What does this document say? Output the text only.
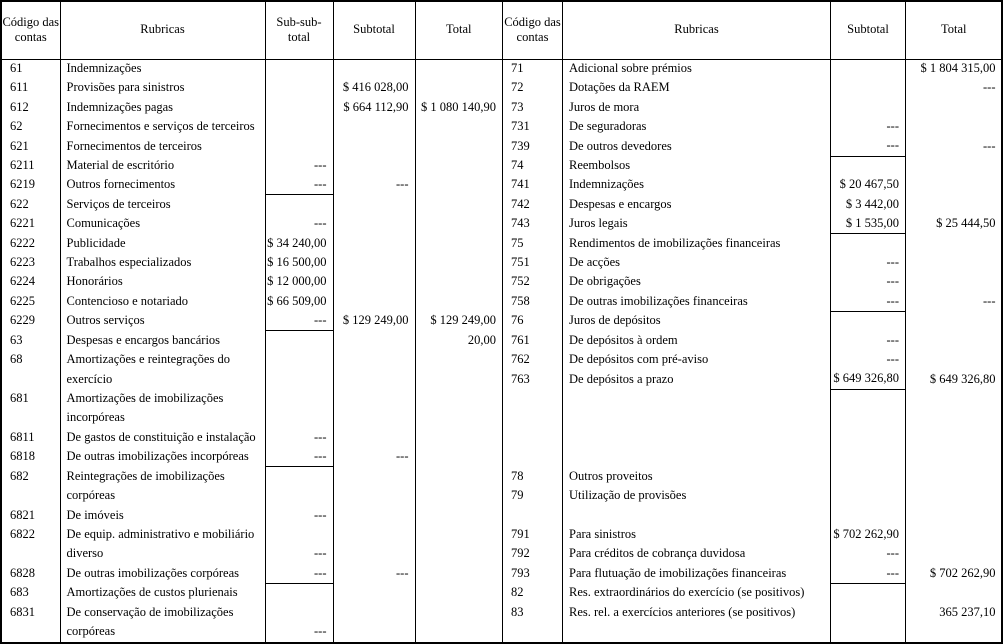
Código das contas	Rubricas	Sub-sub-total	Subtotal	Total
61	Indemnizações			
611	Provisões para sinistros		$ 416 028,00	
612	Indemnizações pagas		$ 664 112,90	$ 1 080 140,90
62	Fornecimentos e serviços de terceiros			
621	Fornecimentos de terceiros			
6211	Material de escritório	---		
6219	Outros fornecimentos	---	---	
622	Serviços de terceiros			
6221	Comunicações	---		
6222	Publicidade	$ 34 240,00		
6223	Trabalhos especializados	$ 16 500,00		
6224	Honorários	$ 12 000,00		
6225	Contencioso e notariado	$ 66 509,00		
6229	Outros serviços	---	$ 129 249,00	$ 129 249,00
63	Despesas e encargos bancários			20,00
68	Amortizações e reintegrações do			
	exercício			
681	Amortizações de imobilizações			
	incorpóreas			
6811	De gastos de constituição e instalação	---		
6818	De outras imobilizações incorpóreas	---	---	
682	Reintegrações de imobilizações			
	corpóreas			
6821	De imóveis	---		
6822	De equip. administrativo e mobiliário			
	diverso	---		
6828	De outras imobilizações corpóreas	---	---	
683	Amortizações de custos plurienais			
6831	De conservação de imobilizações			
	corpóreas	---		
Código das contas	Rubricas	Subtotal	Total
71	Adicional sobre prémios		$ 1 804 315,00
72	Dotações da RAEM		---
73	Juros de mora		
731	De seguradoras	---	
739	De outros devedores	---	---
74	Reembolsos		
741	Indemnizações	$ 20 467,50	
742	Despesas e encargos	$ 3 442,00	
743	Juros legais	$ 1 535,00	$ 25 444,50
75	Rendimentos de imobilizações financeiras		
751	De acções	---	
752	De obrigações	---	
758	De outras imobilizações financeiras	---	---
76	Juros de depósitos		
761	De depósitos à ordem	---	
762	De depósitos com pré-aviso	---	
763	De depósitos a prazo	$ 649 326,80	$ 649 326,80

78	Outros proveitos		
79	Utilização de provisões		

791	Para sinistros	$ 702 262,90	
792	Para créditos de cobrança duvidosa	---	
793	Para flutuação de imobilizações financeiras	---	$ 702 262,90
82	Res. extraordinários do exercício (se positivos)		
83	Res. rel. a exercícios anteriores (se positivos)		365 237,10
